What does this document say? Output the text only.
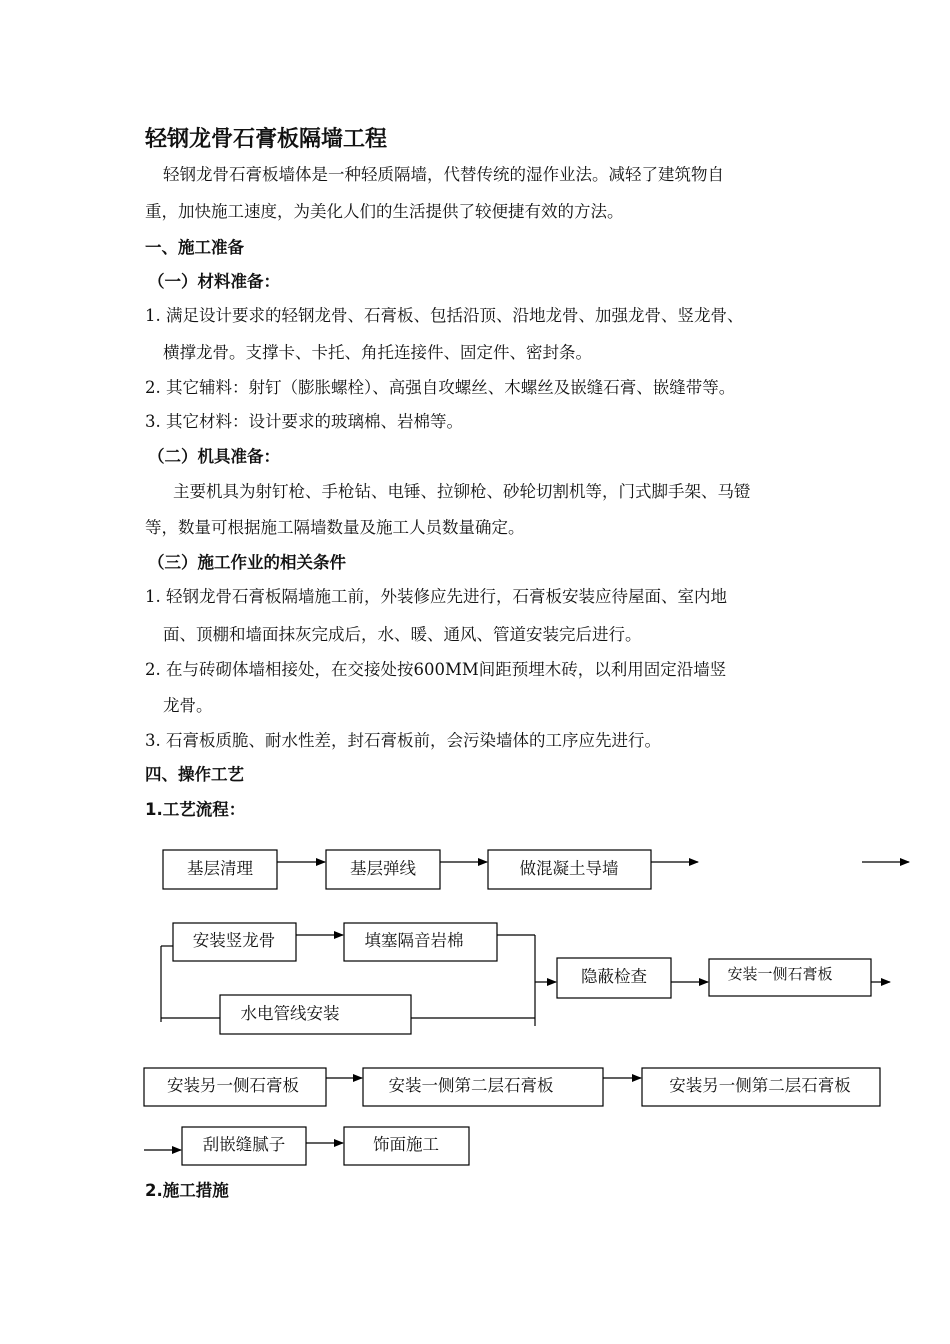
轻钢龙骨石膏板隔墙工程
轻钢龙骨石膏板墙体是一种轻质隔墙，代替传统的湿作业法。减轻了建筑物自
重，加快施工速度，为美化人们的生活提供了较便捷有效的方法。
一、施工准备
（一）材料准备：
1. 满足设计要求的轻钢龙骨、石膏板、包括沿顶、沿地龙骨、加强龙骨、竖龙骨、
横撑龙骨。支撑卡、卡托、角托连接件、固定件、密封条。
2. 其它辅料：射钉（膨胀螺栓）、高强自攻螺丝、木螺丝及嵌缝石膏、嵌缝带等。
3. 其它材料：设计要求的玻璃棉、岩棉等。
（二）机具准备：
主要机具为射钉枪、手枪钻、电锤、拉铆枪、砂轮切割机等，门式脚手架、马镫
等，数量可根据施工隔墙数量及施工人员数量确定。
（三）施工作业的相关条件
1. 轻钢龙骨石膏板隔墙施工前，外装修应先进行，石膏板安装应待屋面、室内地
面、顶棚和墙面抹灰完成后，水、暖、通风、管道安装完后进行。
2. 在与砖砌体墙相接处，在交接处按600MM间距预埋木砖，以利用固定沿墙竖
龙骨。
3. 石膏板质脆、耐水性差，封石膏板前，会污染墙体的工序应先进行。
四、操作工艺
1.工艺流程：
基层清理	基层弹线	做混凝土导墙
安装竖龙骨	填塞隔音岩棉
水电管线安装
隐蔽检查	安装一侧石膏板
安装另一侧石膏板	安装一侧第二层石膏板	安装另一侧第二层石膏板
刮嵌缝腻子	饰面施工
2.施工措施
